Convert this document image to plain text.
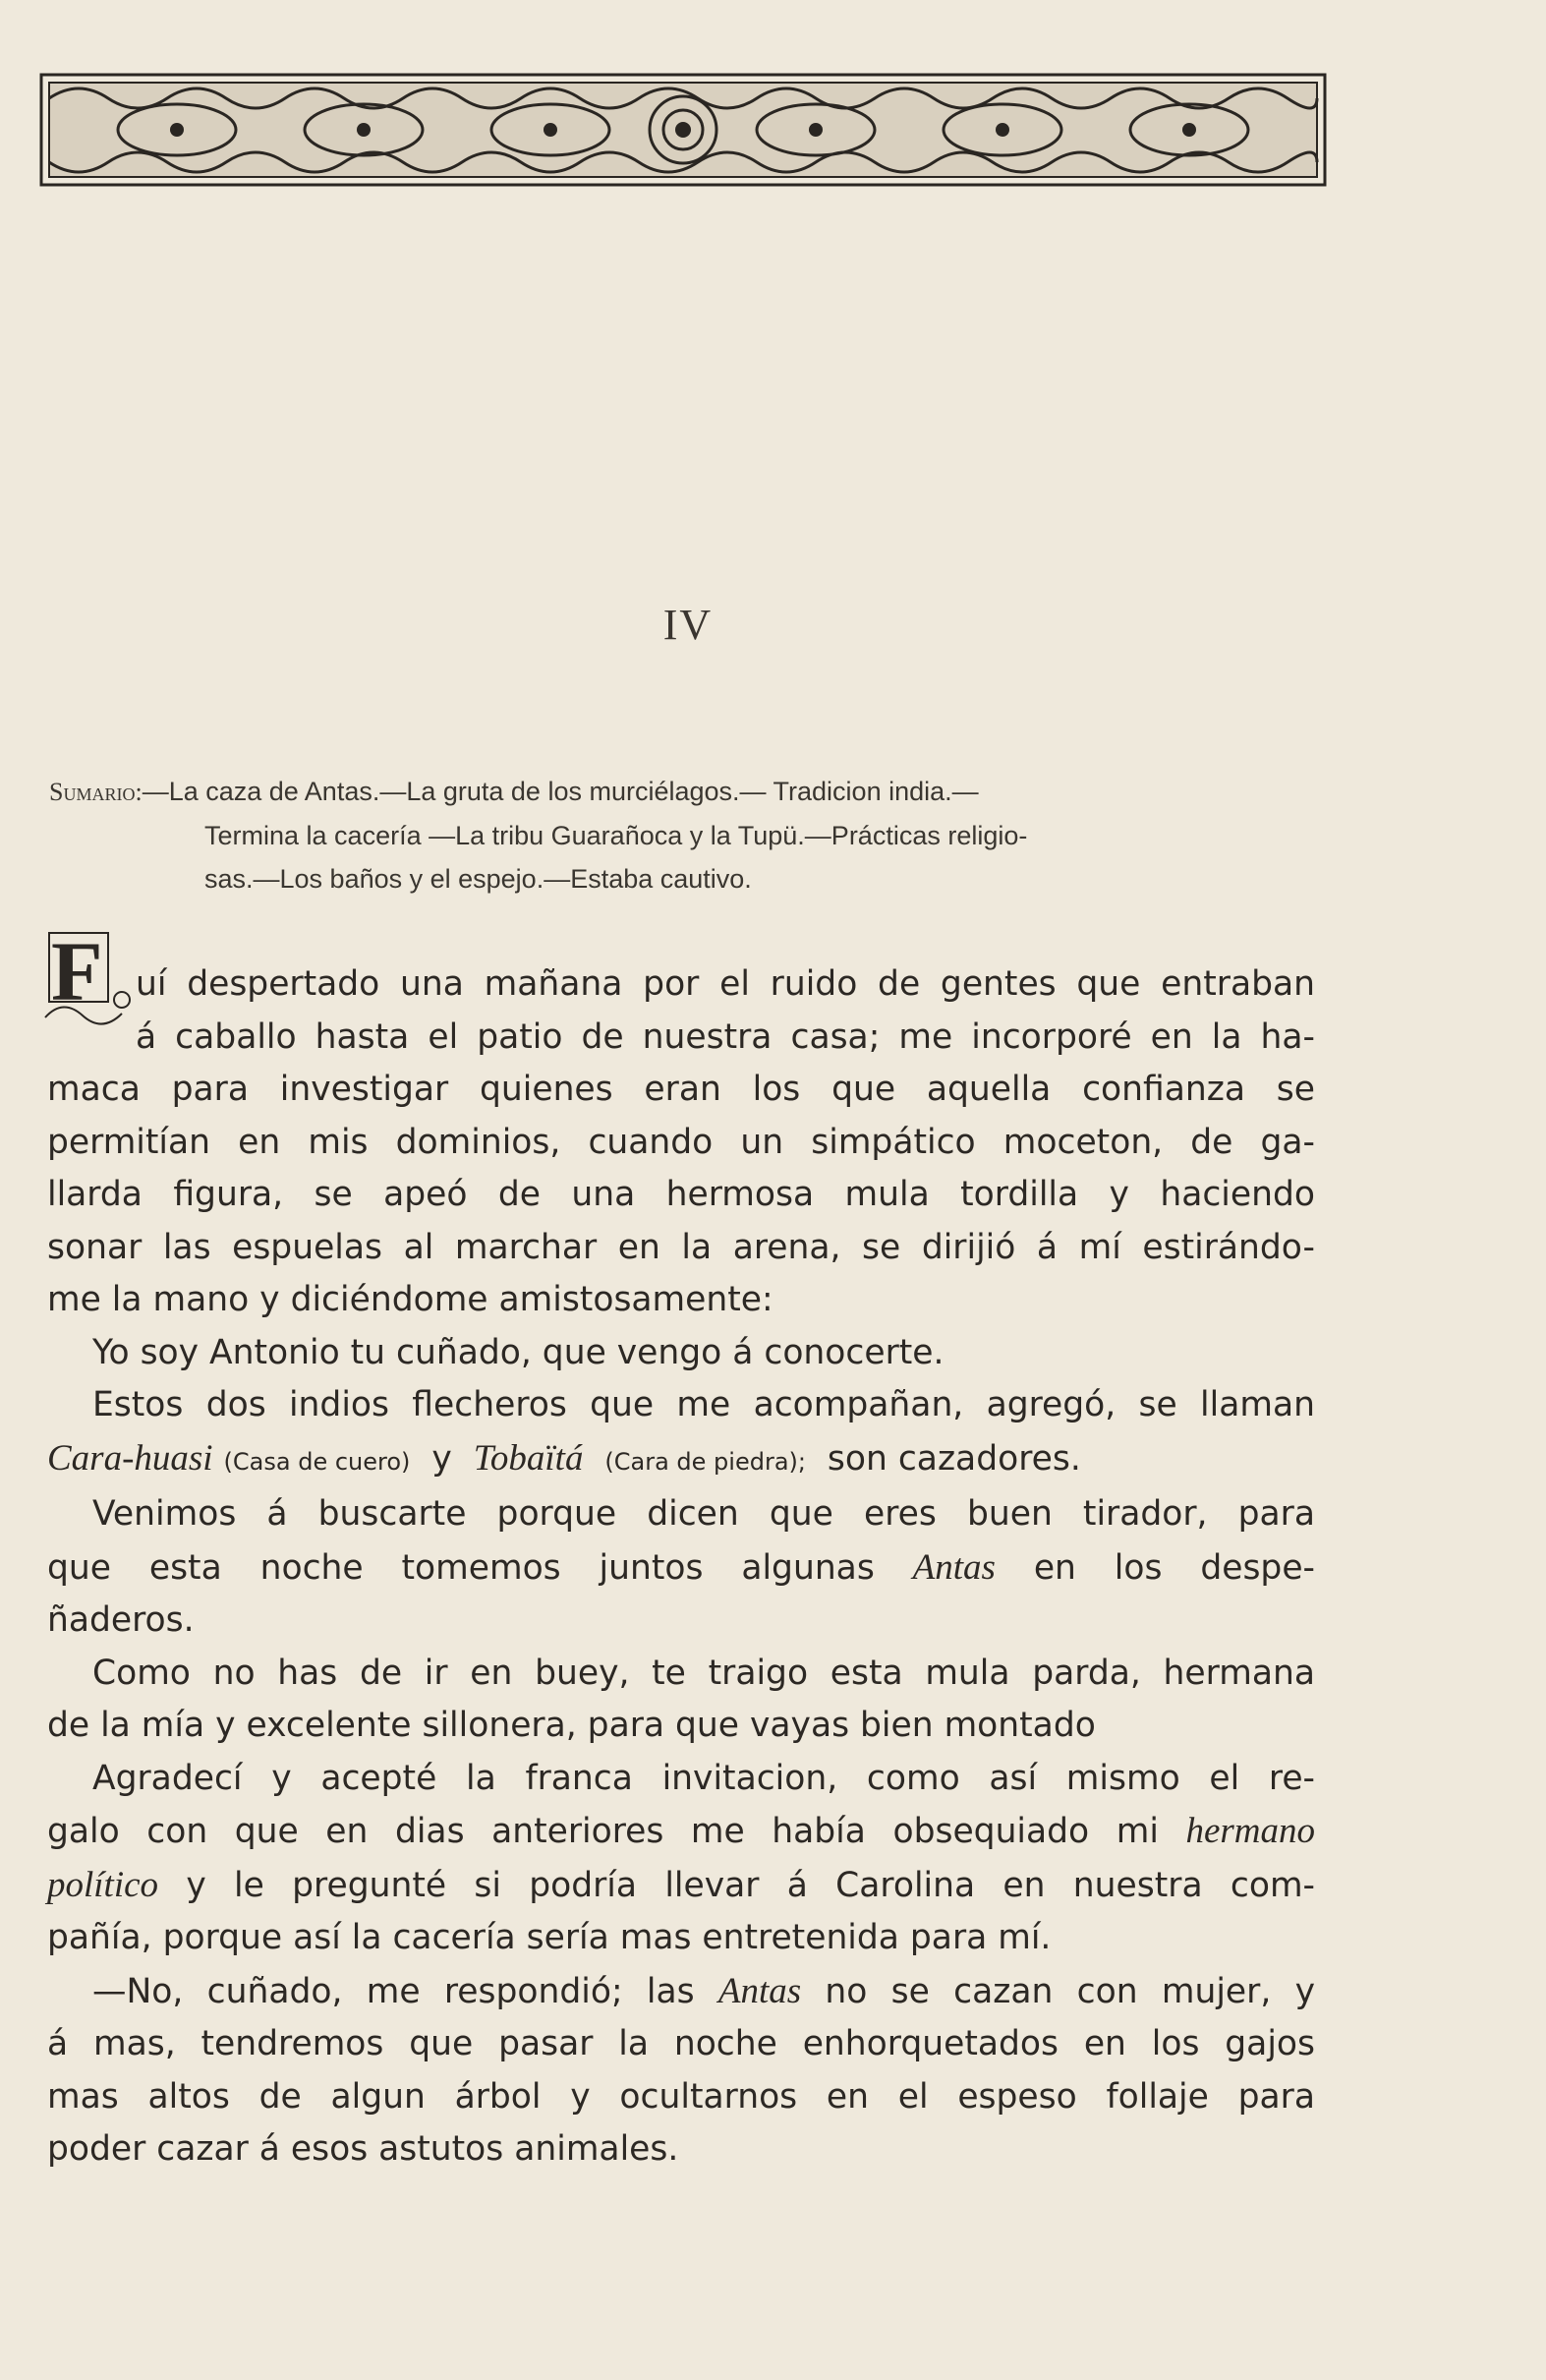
IV
Sumario:—La caza de Antas.—La gruta de los murciélagos.— Tradicion india.—
Termina la cacería —La tribu Guarañoca y la Tupü.—Prácticas religio-
sas.—Los baños y el espejo.—Estaba cautivo.
F uí despertado una mañana por el ruido de gentes que entraban
á caballo hasta el patio de nuestra casa; me incorporé en la ha-
maca para investigar quienes eran los que aquella confianza se
permitían en mis dominios, cuando un simpático moceton, de ga-
llarda figura, se apeó de una hermosa mula tordilla y haciendo
sonar las espuelas al marchar en la arena, se dirijió á mí estirándo-
me la mano y diciéndome amistosamente:
Yo soy Antonio tu cuñado, que vengo á conocerte.
Estos dos indios flecheros que me acompañan, agregó, se llaman
Cara-huasi (Casa de cuero) y Tobaïtá (Cara de piedra); son cazadores.
Venimos á buscarte porque dicen que eres buen tirador, para
que esta noche tomemos juntos algunas Antas en los despe-
ñaderos.
Como no has de ir en buey, te traigo esta mula parda, hermana
de la mía y excelente sillonera, para que vayas bien montado
Agradecí y acepté la franca invitacion, como así mismo el re-
galo con que en dias anteriores me había obsequiado mi hermano
político y le pregunté si podría llevar á Carolina en nuestra com-
pañía, porque así la cacería sería mas entretenida para mí.
—No, cuñado, me respondió; las Antas no se cazan con mujer, y
á mas, tendremos que pasar la noche enhorquetados en los gajos
mas altos de algun árbol y ocultarnos en el espeso follaje para
poder cazar á esos astutos animales.
